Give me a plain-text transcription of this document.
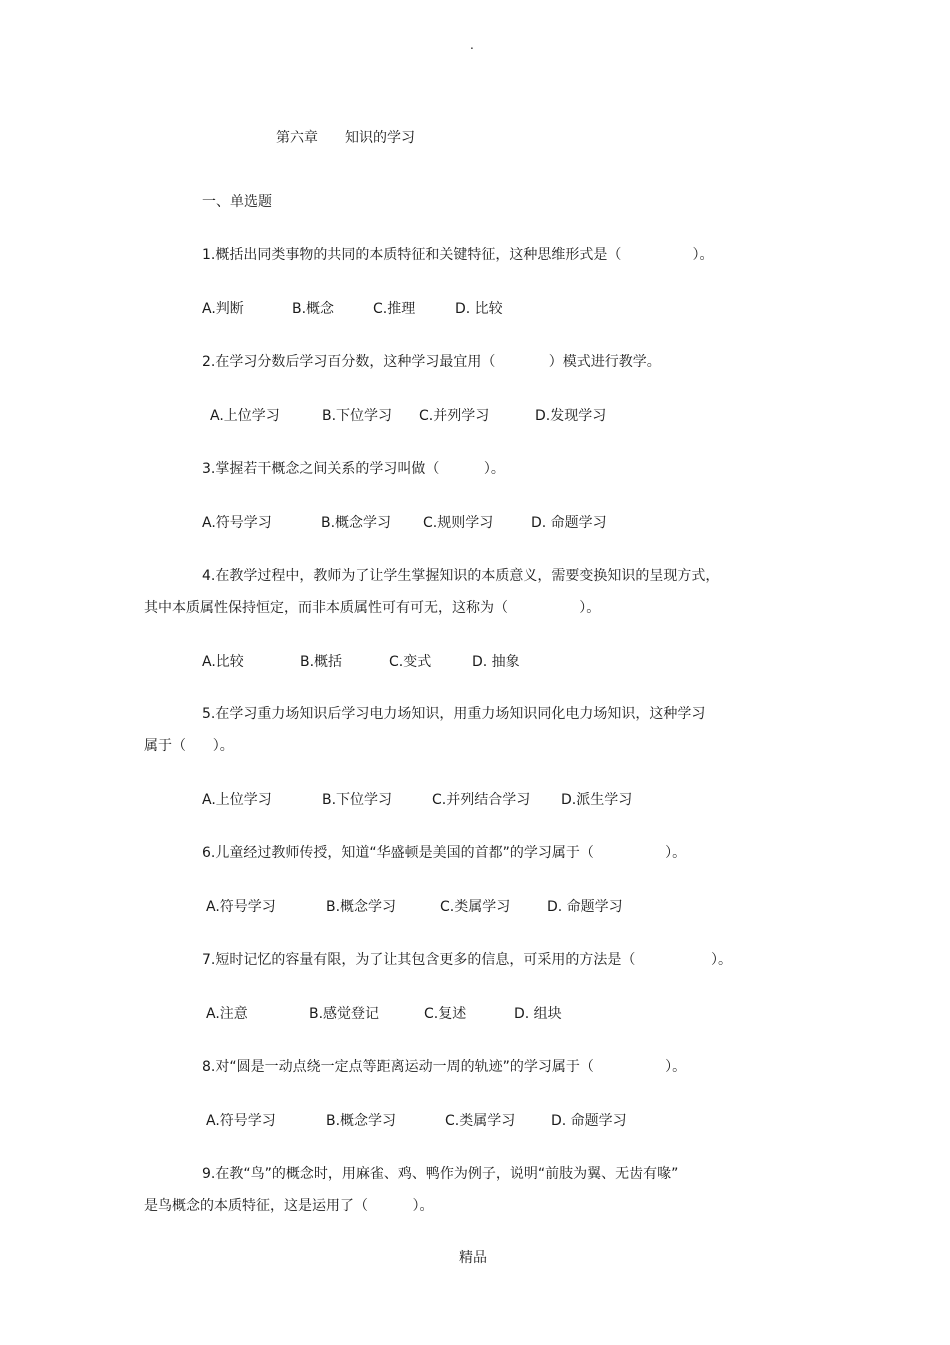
.
第六章 知识的学习
一、单选题
1.概括出同类事物的共同的本质特征和关键特征，这种思维形式是（                ）。
A.判断	B.概念	C.推理	D. 比较
2.在学习分数后学习百分数，这种学习最宜用（            ）模式进行教学。
A.上位学习	B.下位学习 C.并列学习	D.发现学习
3.掌握若干概念之间关系的学习叫做（          ）。
A.符号学习	B.概念学习 C.规则学习	D. 命题学习
4.在教学过程中，教师为了让学生掌握知识的本质意义，需要变换知识的呈现方式，
其中本质属性保持恒定，而非本质属性可有可无，这称为（                ）。
A.比较	B.概括	C.变式	D. 抽象
5.在学习重力场知识后学习电力场知识，用重力场知识同化电力场知识，这种学习
属于（      ）。
A.上位学习	B.下位学习	C.并列结合学习 D.派生学习
6.儿童经过教师传授，知道“华盛顿是美国的首都”的学习属于（                ）。
A.符号学习	B.概念学习	C.类属学习	D. 命题学习
7.短时记忆的容量有限，为了让其包含更多的信息，可采用的方法是（                 ）。
A.注意	B.感觉登记	C.复述	D. 组块
8.对“圆是一动点绕一定点等距离运动一周的轨迹”的学习属于（                ）。
A.符号学习	B.概念学习	C.类属学习	D. 命题学习
9.在教“鸟”的概念时，用麻雀、鸡、鸭作为例子，说明“前肢为翼、无齿有喙”
是鸟概念的本质特征，这是运用了（          ）。
精品
